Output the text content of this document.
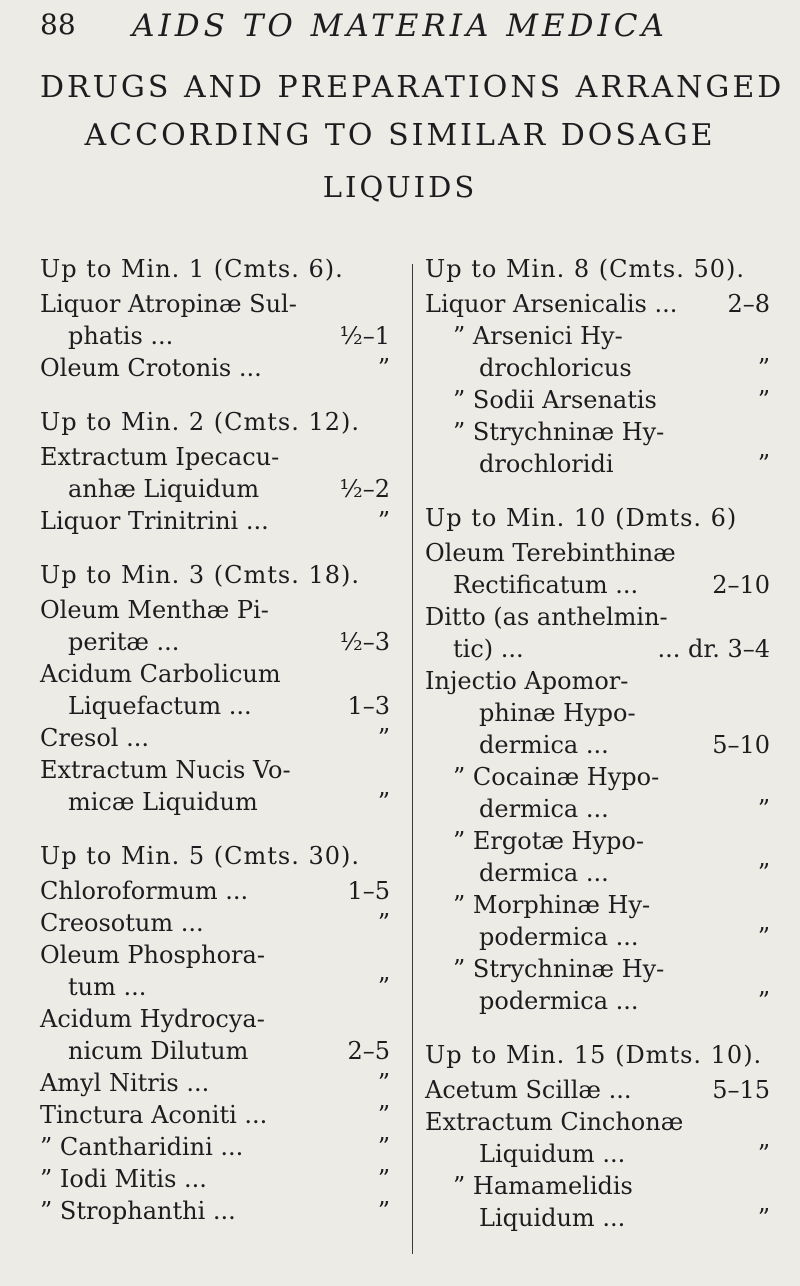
88	AIDS TO MATERIA MEDICA
DRUGS AND PREPARATIONS ARRANGED
ACCORDING TO SIMILAR DOSAGE
LIQUIDS
Up to Min. 1 (Cmts. 6).
Liquor Atropinæ Sul-
phatis ...	½–1
Oleum Crotonis ...	”
Up to Min. 2 (Cmts. 12).
Extractum Ipecacu-
anhæ Liquidum	½–2
Liquor Trinitrini ...	”
Up to Min. 3 (Cmts. 18).
Oleum Menthæ Pi-
peritæ ...	½–3
Acidum Carbolicum
Liquefactum ...	1–3
Cresol ...	”
Extractum Nucis Vo-
micæ Liquidum	”
Up to Min. 5 (Cmts. 30).
Chloroformum ...	1–5
Creosotum ...	”
Oleum Phosphora-
tum ...	”
Acidum Hydrocya-
nicum Dilutum	2–5
Amyl Nitris ...	”
Tinctura Aconiti ...	”
” Cantharidini ...	”
” Iodi Mitis ...	”
” Strophanthi ...	”
Up to Min. 8 (Cmts. 50).
Liquor Arsenicalis ...	2–8
” Arsenici Hy-
drochloricus	”
” Sodii Arsenatis	”
” Strychninæ Hy-
drochloridi	”
Up to Min. 10 (Dmts. 6)
Oleum Terebinthinæ
Rectificatum ...	2–10
Ditto (as anthelmin-
tic) ...	... dr. 3–4
Injectio Apomor-
phinæ Hypo-
dermica ...	5–10
” Cocainæ Hypo-
dermica ...	”
” Ergotæ Hypo-
dermica ...	”
” Morphinæ Hy-
podermica ...	”
” Strychninæ Hy-
podermica ...	”
Up to Min. 15 (Dmts. 10).
Acetum Scillæ ...	5–15
Extractum Cinchonæ
Liquidum ...	”
” Hamamelidis
Liquidum ...	”
